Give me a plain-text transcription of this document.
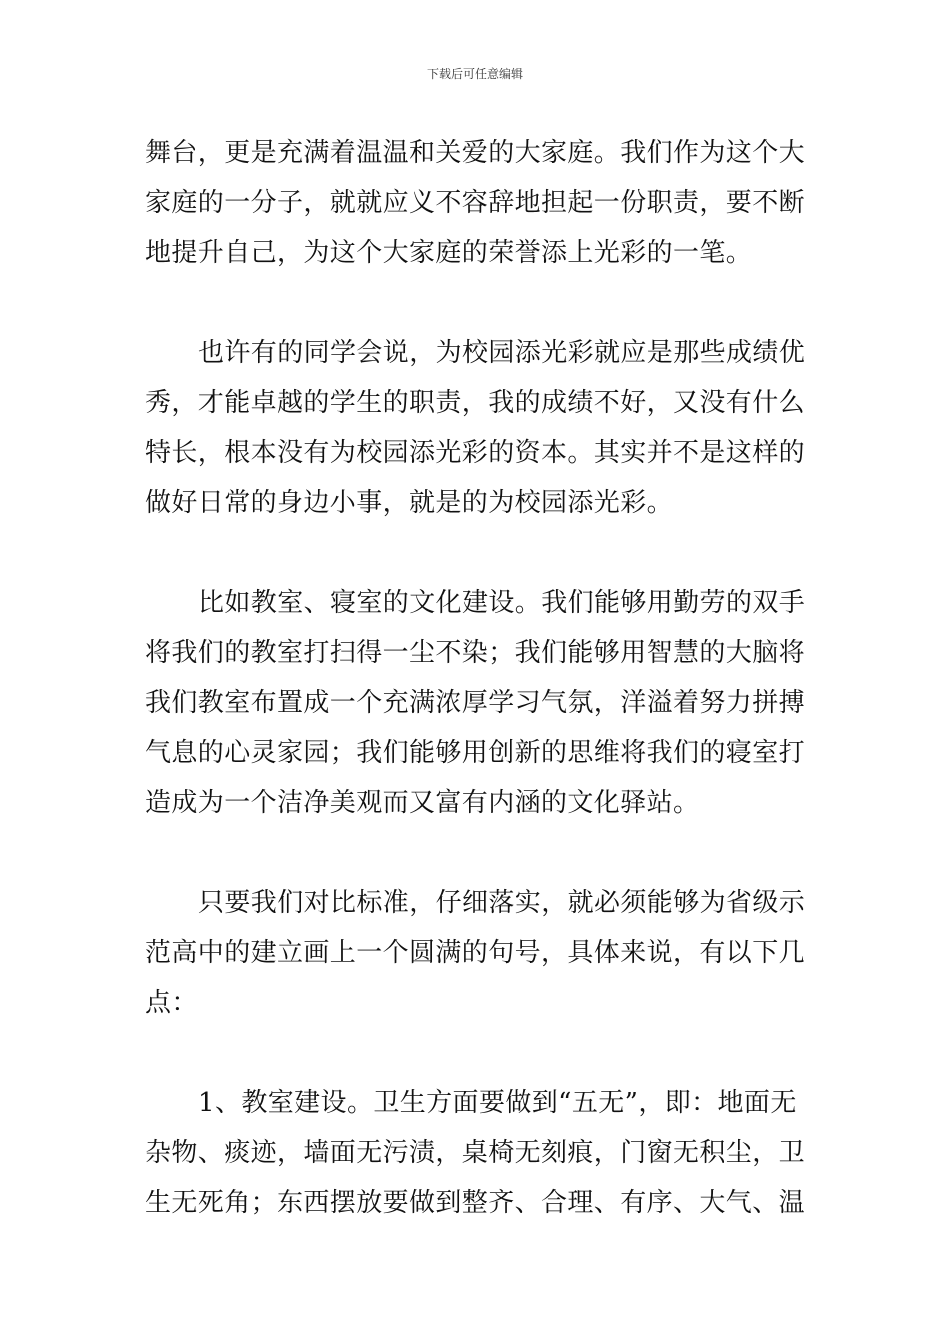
下载后可任意编辑
舞台，更是充满着温温和关爱的大家庭。我们作为这个大
家庭的一分子，就就应义不容辞地担起一份职责，要不断
地提升自己，为这个大家庭的荣誉添上光彩的一笔。
也许有的同学会说，为校园添光彩就应是那些成绩优
秀，才能卓越的学生的职责，我的成绩不好，又没有什么
特长，根本没有为校园添光彩的资本。其实并不是这样的
做好日常的身边小事，就是的为校园添光彩。
比如教室、寝室的文化建设。我们能够用勤劳的双手
将我们的教室打扫得一尘不染；我们能够用智慧的大脑将
我们教室布置成一个充满浓厚学习气氛，洋溢着努力拼搏
气息的心灵家园；我们能够用创新的思维将我们的寝室打
造成为一个洁净美观而又富有内涵的文化驿站。
只要我们对比标准，仔细落实，就必须能够为省级示
范高中的建立画上一个圆满的句号，具体来说，有以下几
点：
1、教室建设。卫生方面要做到“五无”，即：地面无
杂物、痰迹，墙面无污渍，桌椅无刻痕，门窗无积尘，卫
生无死角；东西摆放要做到整齐、合理、有序、大气、温
